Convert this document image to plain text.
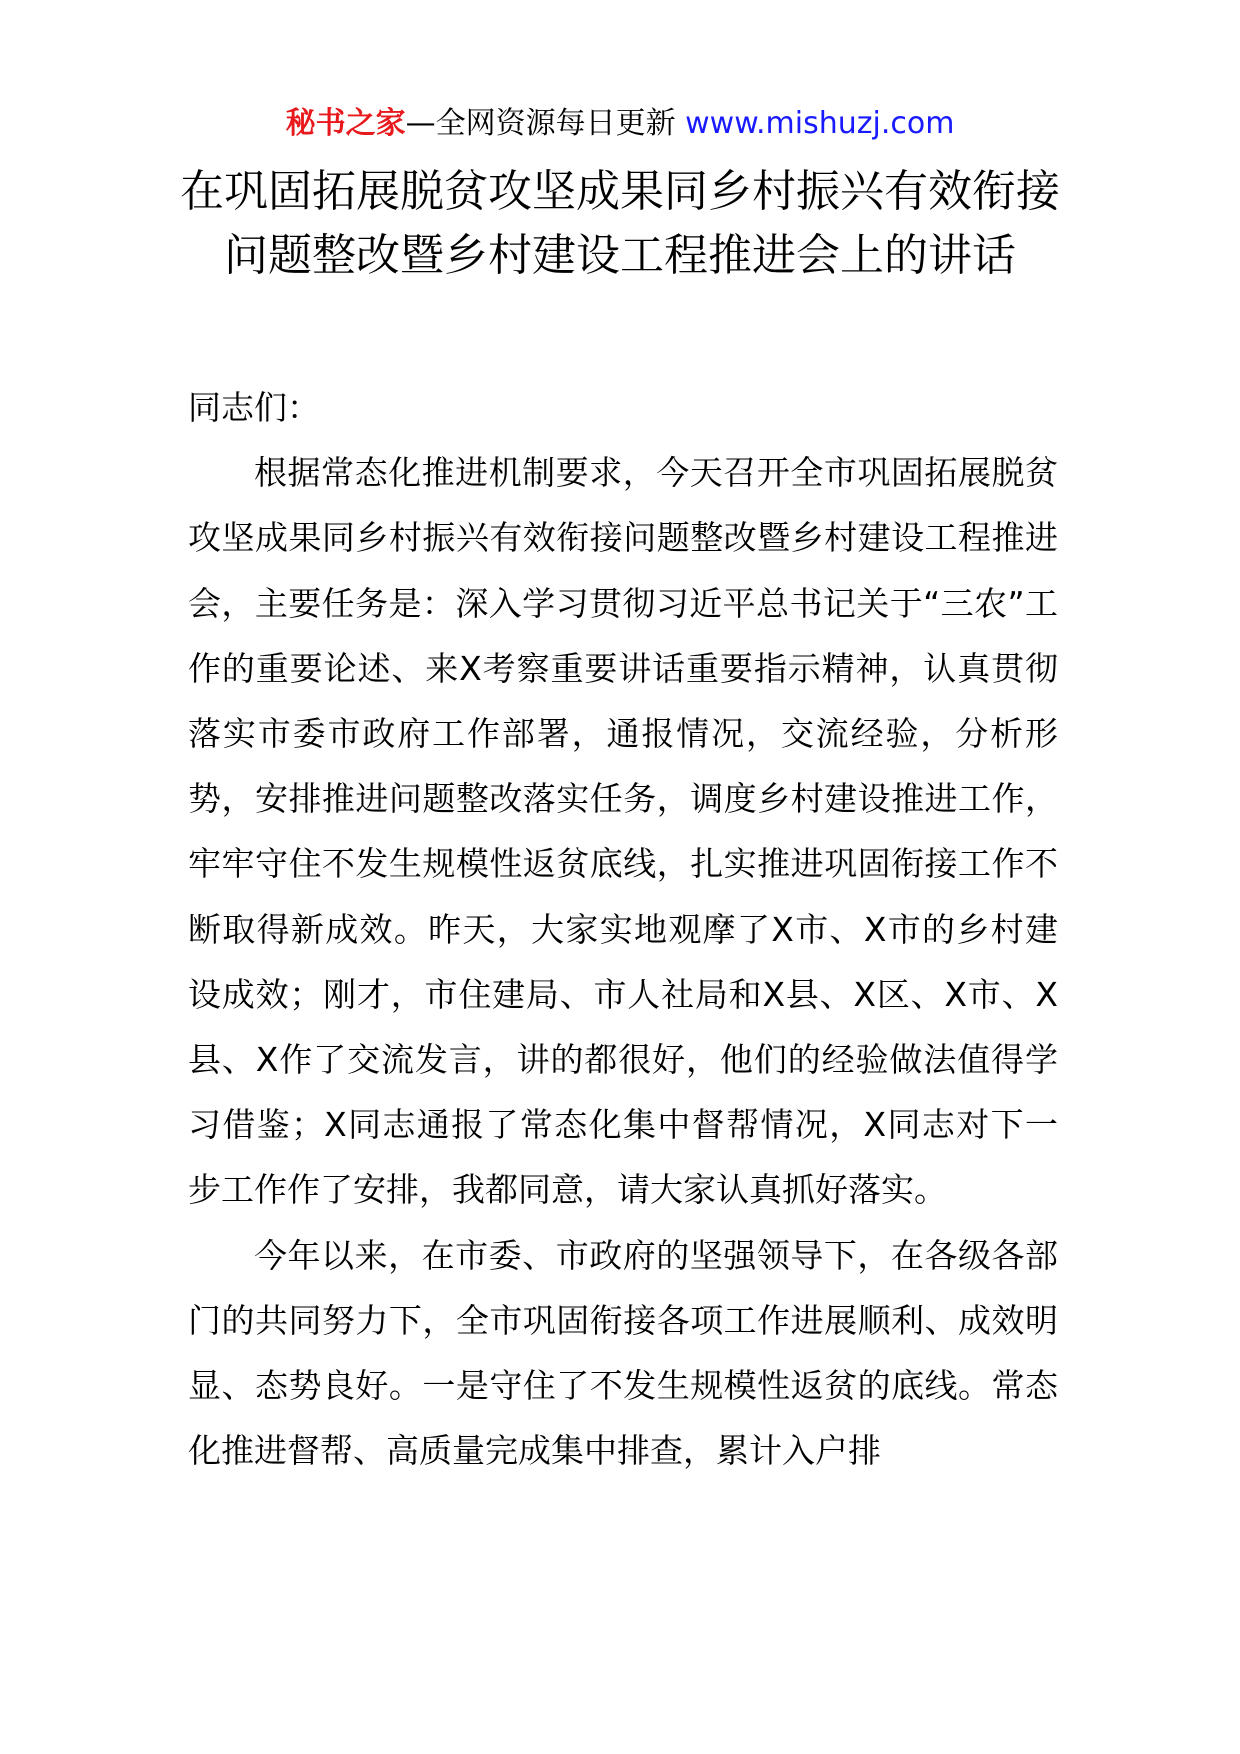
秘书之家—全网资源每日更新 www.mishuzj.com
在巩固拓展脱贫攻坚成果同乡村振兴有效衔接问题整改暨乡村建设工程推进会上的讲话

同志们：

根据常态化推进机制要求，今天召开全市巩固拓展脱贫攻坚成果同乡村振兴有效衔接问题整改暨乡村建设工程推进会，主要任务是：深入学习贯彻习近平总书记关于“三农”工作的重要论述、来X考察重要讲话重要指示精神，认真贯彻落实市委市政府工作部署，通报情况，交流经验，分析形势，安排推进问题整改落实任务，调度乡村建设推进工作，牢牢守住不发生规模性返贫底线，扎实推进巩固衔接工作不断取得新成效。昨天，大家实地观摩了X市、X市的乡村建设成效；刚才，市住建局、市人社局和X县、X区、X市、X县、X作了交流发言，讲的都很好，他们的经验做法值得学习借鉴；X同志通报了常态化集中督帮情况，X同志对下一步工作作了安排，我都同意，请大家认真抓好落实。

今年以来，在市委、市政府的坚强领导下，在各级各部门的共同努力下，全市巩固衔接各项工作进展顺利、成效明显、态势良好。一是守住了不发生规模性返贫的底线。常态化推进督帮、高质量完成集中排查，累计入户排
